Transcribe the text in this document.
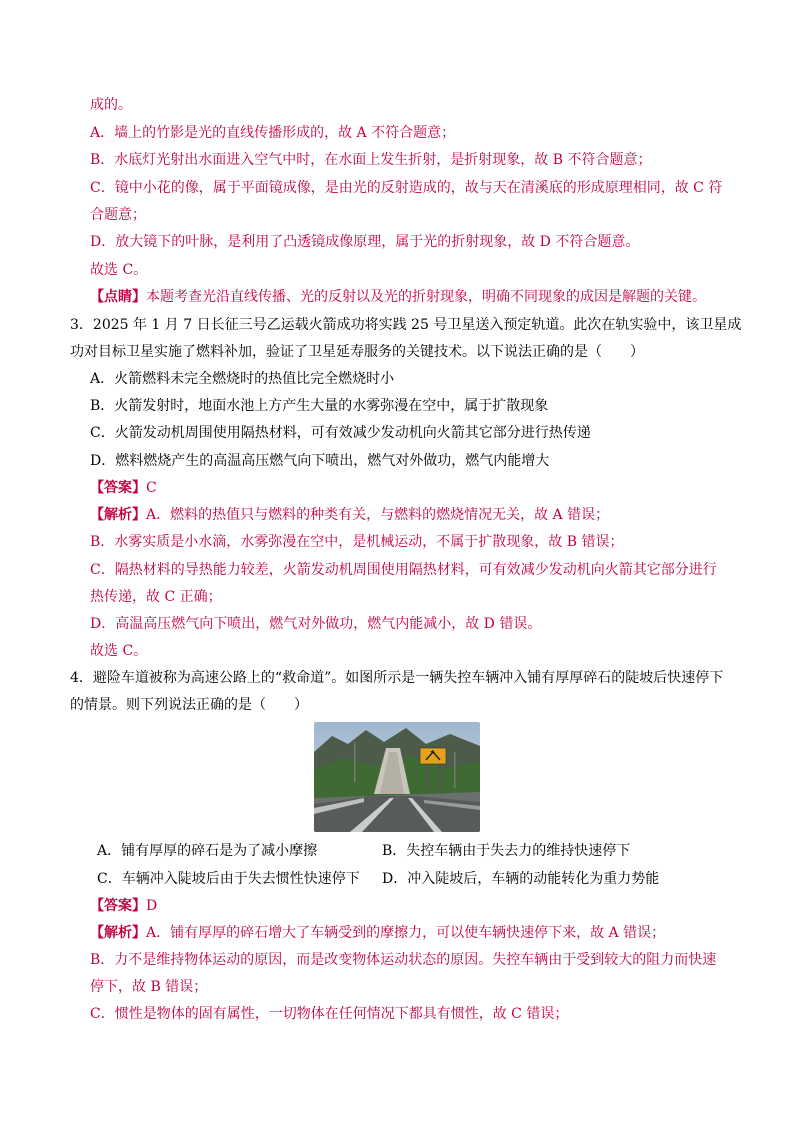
成的。
A．墙上的竹影是光的直线传播形成的，故 A 不符合题意；
B．水底灯光射出水面进入空气中时，在水面上发生折射，是折射现象，故 B 不符合题意；
C．镜中小花的像，属于平面镜成像，是由光的反射造成的，故与天在清溪底的形成原理相同，故 C 符
合题意；
D．放大镜下的叶脉，是利用了凸透镜成像原理，属于光的折射现象，故 D 不符合题意。
故选 C。
【点睛】本题考查光沿直线传播、光的反射以及光的折射现象，明确不同现象的成因是解题的关键。
3．2025 年 1 月 7 日长征三号乙运载火箭成功将实践 25 号卫星送入预定轨道。此次在轨实验中，该卫星成
功对目标卫星实施了燃料补加，验证了卫星延寿服务的关键技术。以下说法正确的是（　　）
A．火箭燃料未完全燃烧时的热值比完全燃烧时小
B．火箭发射时，地面水池上方产生大量的水雾弥漫在空中，属于扩散现象
C．火箭发动机周围使用隔热材料，可有效减少发动机向火箭其它部分进行热传递
D．燃料燃烧产生的高温高压燃气向下喷出，燃气对外做功，燃气内能增大
【答案】C
【解析】A．燃料的热值只与燃料的种类有关，与燃料的燃烧情况无关，故 A 错误；
B．水雾实质是小水滴，水雾弥漫在空中，是机械运动，不属于扩散现象，故 B 错误；
C．隔热材料的导热能力较差，火箭发动机周围使用隔热材料，可有效减少发动机向火箭其它部分进行
热传递，故 C 正确；
D．高温高压燃气向下喷出，燃气对外做功，燃气内能减小，故 D 错误。
故选 C。
4．避险车道被称为高速公路上的“救命道”。如图所示是一辆失控车辆冲入铺有厚厚碎石的陡坡后快速停下
的情景。则下列说法正确的是（　　）
A．铺有厚厚的碎石是为了减小摩擦	B．失控车辆由于失去力的维持快速停下
C．车辆冲入陡坡后由于失去惯性快速停下 D．冲入陡坡后，车辆的动能转化为重力势能
【答案】D
【解析】A．铺有厚厚的碎石增大了车辆受到的摩擦力，可以使车辆快速停下来，故 A 错误；
B．力不是维持物体运动的原因，而是改变物体运动状态的原因。失控车辆由于受到较大的阻力而快速
停下，故 B 错误；
C．惯性是物体的固有属性，一切物体在任何情况下都具有惯性，故 C 错误；
